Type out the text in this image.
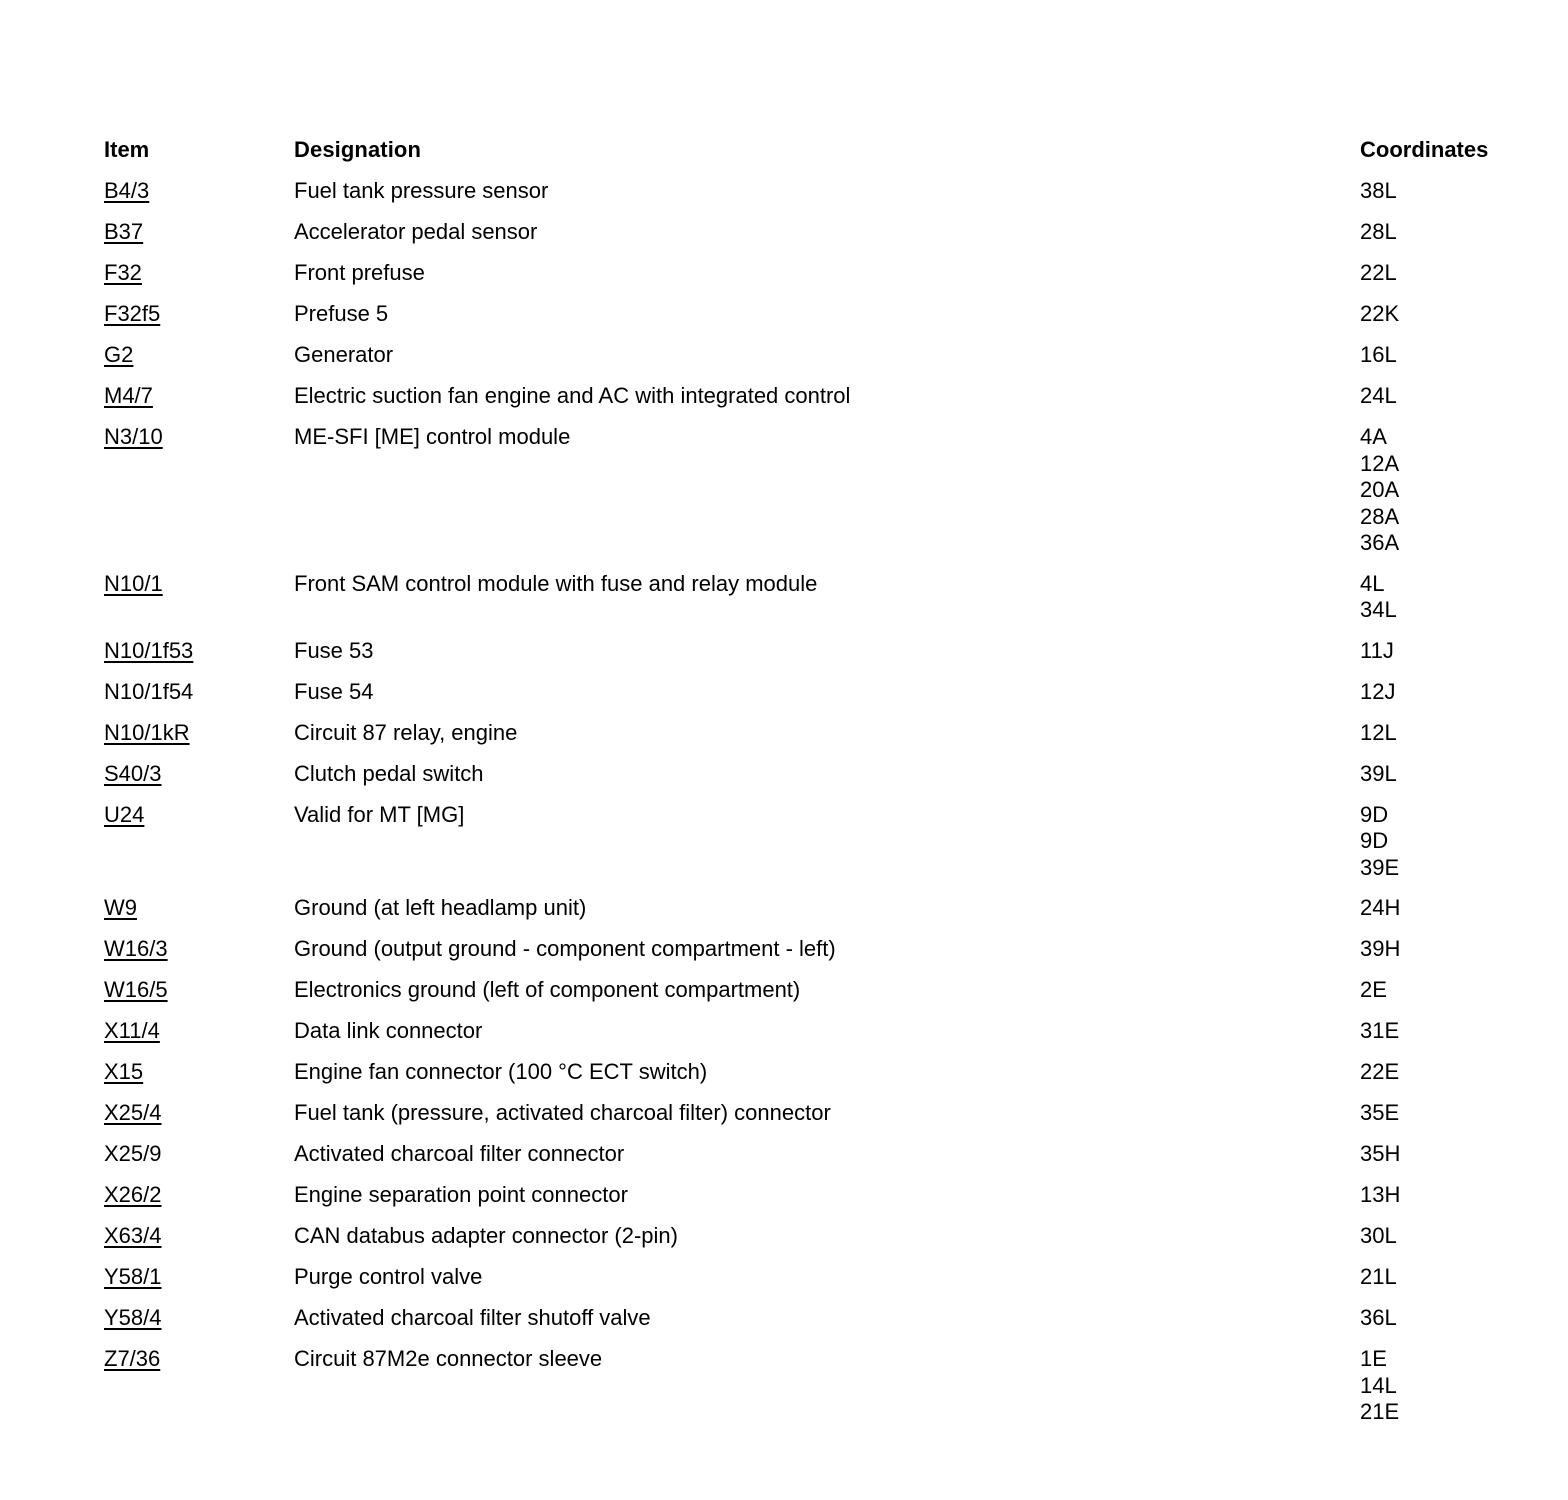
Item	Designation	Coordinates
B4/3	Fuel tank pressure sensor	38L
B37	Accelerator pedal sensor	28L
F32	Front prefuse	22L
F32f5	Prefuse 5	22K
G2	Generator	16L
M4/7	Electric suction fan engine and AC with integrated control	24L
N3/10	ME-SFI [ME] control module	4A
12A
20A
28A
36A
N10/1	Front SAM control module with fuse and relay module	4L
34L
N10/1f53	Fuse 53	11J
N10/1f54	Fuse 54	12J
N10/1kR	Circuit 87 relay, engine	12L
S40/3	Clutch pedal switch	39L
U24	Valid for MT [MG]	9D
9D
39E
W9	Ground (at left headlamp unit)	24H
W16/3	Ground (output ground - component compartment - left)	39H
W16/5	Electronics ground (left of component compartment)	2E
X11/4	Data link connector	31E
X15	Engine fan connector (100 °C ECT switch)	22E
X25/4	Fuel tank (pressure, activated charcoal filter) connector	35E
X25/9	Activated charcoal filter connector	35H
X26/2	Engine separation point connector	13H
X63/4	CAN databus adapter connector (2-pin)	30L
Y58/1	Purge control valve	21L
Y58/4	Activated charcoal filter shutoff valve	36L
Z7/36	Circuit 87M2e connector sleeve	1E
14L
21E
